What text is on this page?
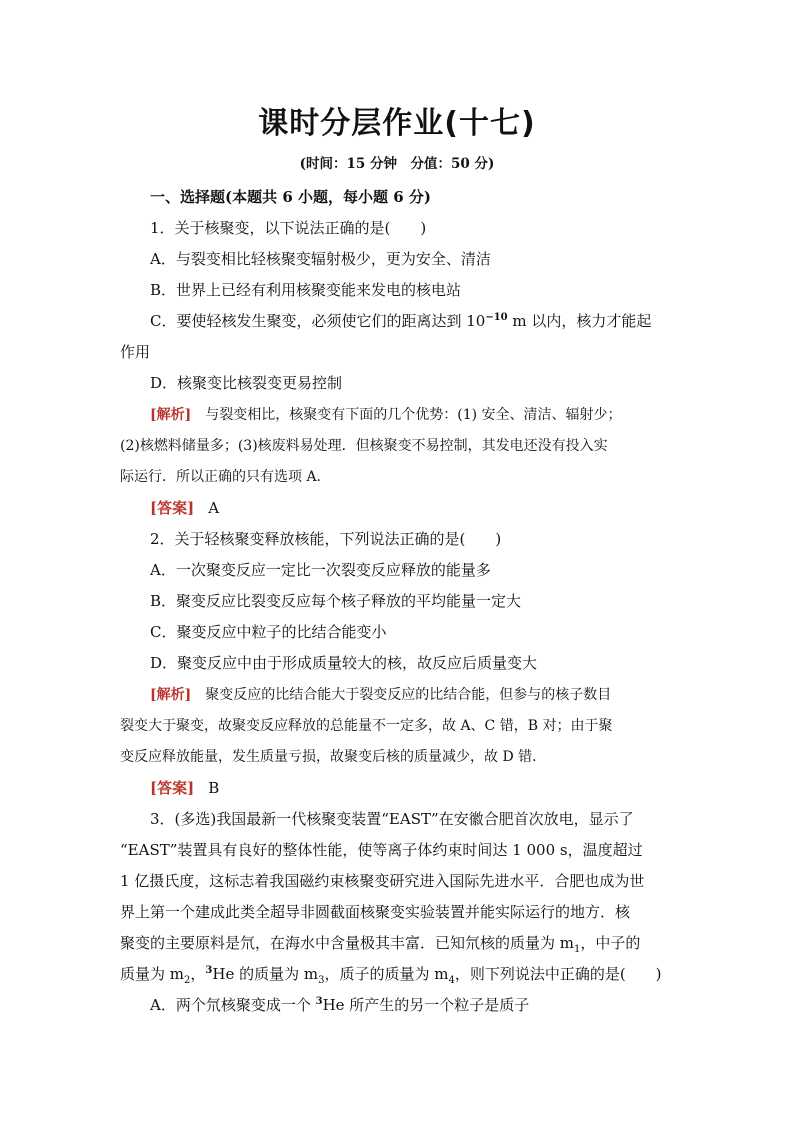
课时分层作业(十七)
(时间：15 分钟　分值：50 分)
一、选择题(本题共 6 小题，每小题 6 分)
1．关于核聚变，以下说法正确的是(　　)
A．与裂变相比轻核聚变辐射极少，更为安全、清洁
B．世界上已经有利用核聚变能来发电的核电站
C．要使轻核发生聚变，必须使它们的距离达到 $10^{-10}$ m 以内，核力才能起
作用
D．核聚变比核裂变更易控制
[解析]　与裂变相比，核聚变有下面的几个优势：(1) 安全、清洁、辐射少；
(2)核燃料储量多；(3)核废料易处理．但核聚变不易控制，其发电还没有投入实
际运行．所以正确的只有选项 A.
[答案] A
2．关于轻核聚变释放核能，下列说法正确的是(　　)
A．一次聚变反应一定比一次裂变反应释放的能量多
B．聚变反应比裂变反应每个核子释放的平均能量一定大
C．聚变反应中粒子的比结合能变小
D．聚变反应中由于形成质量较大的核，故反应后质量变大
[解析]　聚变反应的比结合能大于裂变反应的比结合能，但参与的核子数目
裂变大于聚变，故聚变反应释放的总能量不一定多，故 A、C 错，B 对；由于聚
变反应释放能量，发生质量亏损，故聚变后核的质量减少，故 D 错．
[答案] B
3．(多选)我国最新一代核聚变装置“EAST”在安徽合肥首次放电，显示了
“EAST”装置具有良好的整体性能，使等离子体约束时间达 1 000 s，温度超过
1 亿摄氏度，这标志着我国磁约束核聚变研究进入国际先进水平．合肥也成为世
界上第一个建成此类全超导非圆截面核聚变实验装置并能实际运行的地方．核
聚变的主要原料是氘，在海水中含量极其丰富．已知氘核的质量为 $m_1$，中子的
质量为 $m_2$，$^3$He 的质量为 $m_3$，质子的质量为 $m_4$，则下列说法中正确的是(　　)
A．两个氘核聚变成一个 $^3$He 所产生的另一个粒子是质子
